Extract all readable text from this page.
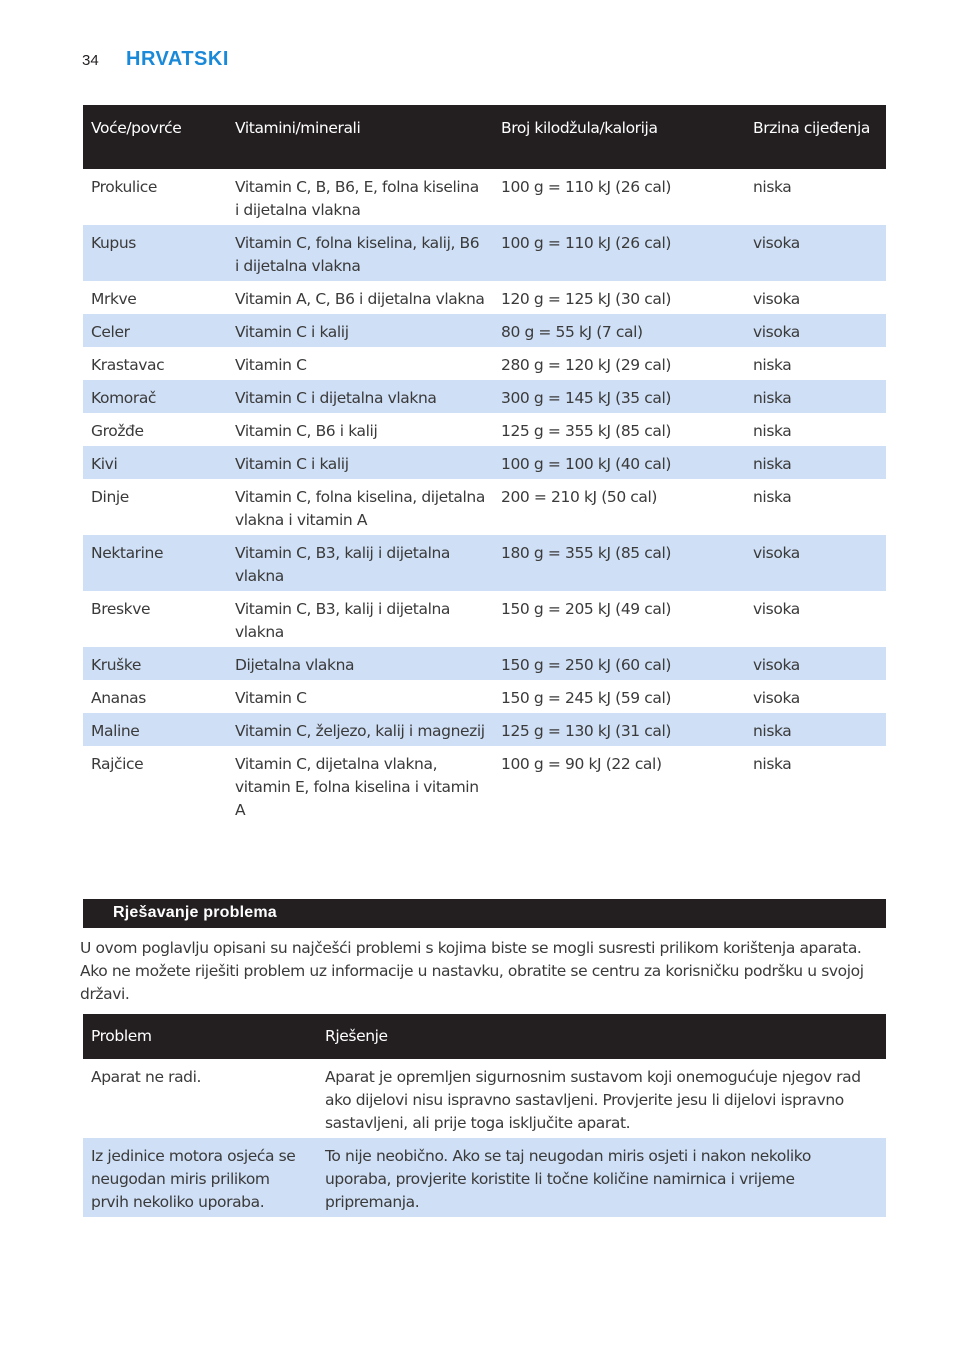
34 HRVATSKI
Voće/povrće	Vitamini/minerali	Broj kilodžula/kalorija	Brzina cijeđenja
Prokulice	Vitamin C, B, B6, E, folna kiselina i dijetalna vlakna	100 g = 110 kJ (26 cal)	niska
Kupus	Vitamin C, folna kiselina, kalij, B6 i dijetalna vlakna	100 g = 110 kJ (26 cal)	visoka
Mrkve	Vitamin A, C, B6 i dijetalna vlakna	120 g = 125 kJ (30 cal)	visoka
Celer	Vitamin C i kalij	80 g = 55 kJ (7 cal)	visoka
Krastavac	Vitamin C	280 g = 120 kJ (29 cal)	niska
Komorač	Vitamin C i dijetalna vlakna	300 g = 145 kJ (35 cal)	niska
Grožđe	Vitamin C, B6 i kalij	125 g = 355 kJ (85 cal)	niska
Kivi	Vitamin C i kalij	100 g = 100 kJ (40 cal)	niska
Dinje	Vitamin C, folna kiselina, dijetalna vlakna i vitamin A	200 = 210 kJ (50 cal)	niska
Nektarine	Vitamin C, B3, kalij i dijetalna vlakna	180 g = 355 kJ (85 cal)	visoka
Breskve	Vitamin C, B3, kalij i dijetalna vlakna	150 g = 205 kJ (49 cal)	visoka
Kruške	Dijetalna vlakna	150 g = 250 kJ (60 cal)	visoka
Ananas	Vitamin C	150 g = 245 kJ (59 cal)	visoka
Maline	Vitamin C, željezo, kalij i magnezij	125 g = 130 kJ (31 cal)	niska
Rajčice	Vitamin C, dijetalna vlakna, vitamin E, folna kiselina i vitamin A	100 g = 90 kJ (22 cal)	niska
Rješavanje problema
U ovom poglavlju opisani su najčešći problemi s kojima biste se mogli susresti prilikom korištenja aparata. Ako ne možete riješiti problem uz informacije u nastavku, obratite se centru za korisničku podršku u svojoj državi.
Problem	Rješenje
Aparat ne radi.	Aparat je opremljen sigurnosnim sustavom koji onemogućuje njegov rad ako dijelovi nisu ispravno sastavljeni. Provjerite jesu li dijelovi ispravno sastavljeni, ali prije toga isključite aparat.
Iz jedinice motora osjeća se neugodan miris prilikom prvih nekoliko uporaba.	To nije neobično. Ako se taj neugodan miris osjeti i nakon nekoliko uporaba, provjerite koristite li točne količine namirnica i vrijeme pripremanja.
